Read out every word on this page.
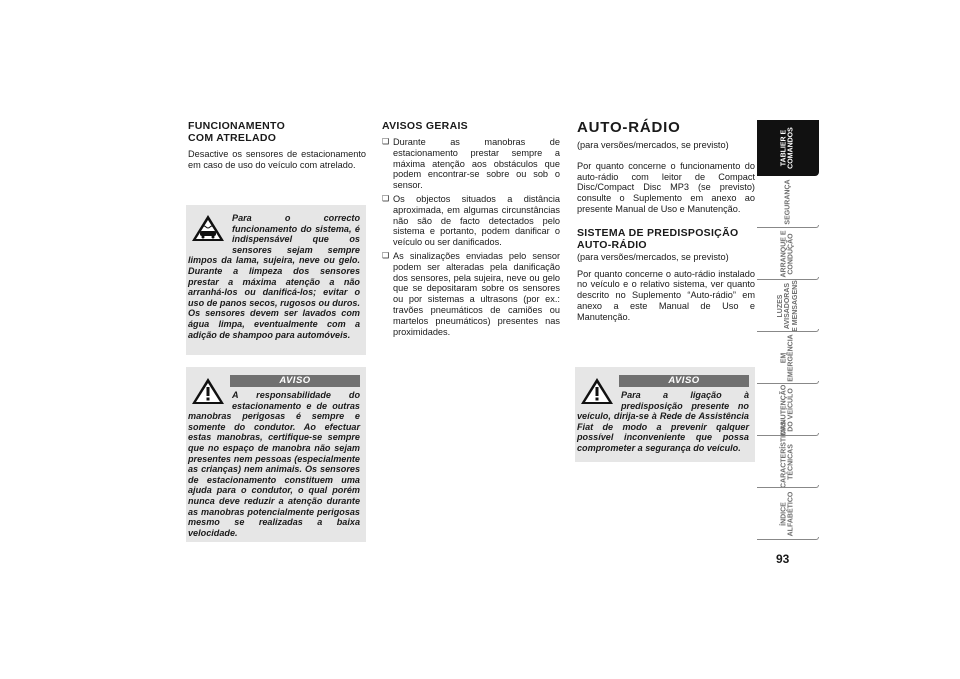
FUNCIONAMENTO
COM ATRELADO

Desactive os sensores de estacionamento em caso de uso do veículo com atrelado.

Para o correcto funcionamento do sistema, é indispensável que os sensores sejam sempre limpos da lama, sujeira, neve ou gelo. Durante a limpeza dos sensores prestar a máxima atenção a não arranhá-los ou danificá-los; evitar o uso de panos secos, rugosos ou duros. Os sensores devem ser lavados com água limpa, eventualmente com a adição de shampoo para automóveis.

AVISO

A responsabilidade do estacionamento e de outras manobras perigosas é sempre e somente do condutor. Ao efectuar estas manobras, certifique-se sempre que no espaço de manobra não sejam presentes nem pessoas (especialmente as crianças) nem animais. Os sensores de estacionamento constituem uma ajuda para o condutor, o qual porém nunca deve reduzir a atenção durante as manobras potencialmente perigosas mesmo se realizadas a baixa velocidade.

AVISOS GERAIS
❑ Durante as manobras de estacionamento prestar sempre a máxima atenção aos obstáculos que podem encontrar-se sobre ou sob o sensor.
❑ Os objectos situados a distância aproximada, em algumas circunstâncias não são de facto detectados pelo sistema e portanto, podem danificar o veículo ou ser danificados.
❑ As sinalizações enviadas pelo sensor podem ser alteradas pela danificação dos sensores, pela sujeira, neve ou gelo que se depositaram sobre os sensores ou por sistemas a ultrasons (por ex.: travões pneumáticos de camiões ou martelos pneumáticos) presentes nas proximidades.
AUTO-RÁDIO

(para versões/mercados, se previsto)

Por quanto concerne o funcionamento do auto-rádio com leitor de Compact Disc/Compact Disc MP3 (se previsto) consulte o Suplemento em anexo ao presente Manual de Uso e Manutenção.

SISTEMA DE PREDISPOSIÇÃO
AUTO-RÁDIO

(para versões/mercados, se previsto)

Por quanto concerne o auto-rádio instalado no veículo e o relativo sistema, ver quanto descrito no Suplemento “Auto-rádio” em anexo a este Manual de Uso e Manutenção.

AVISO

Para a ligação à predisposição presente no veículo, dirija-se à Rede de Assistência Fiat de modo a prevenir qalquer possível inconveniente que possa comprometer a segurança do veículo.

TABLIER E
COMANDOS
SEGURANÇA
ARRANQUE E
CONDUÇÃO
LUZES
AVISADORAS
E MENSAGENS
EM
EMERGÊNCIA
MANUTENÇÃO
DO VEÍCULO
CARACTERÍSTICAS
TÉCNICAS
ÍNDICE
ALFABÉTICO
93
